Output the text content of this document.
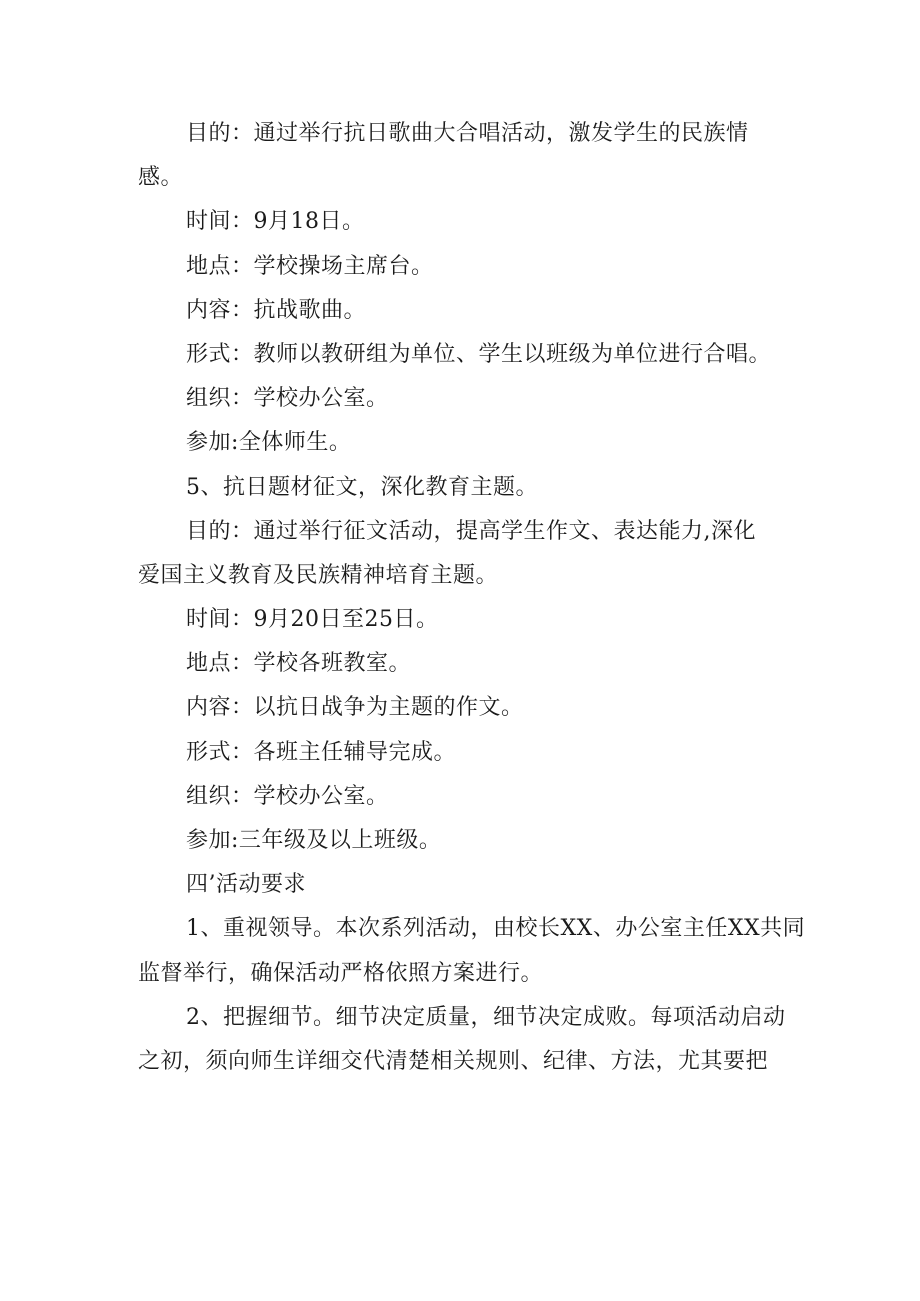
目的：通过举行抗日歌曲大合唱活动，激发学生的民族情
感。
时间：9月18日。
地点：学校操场主席台。
内容：抗战歌曲。
形式：教师以教研组为单位、学生以班级为单位进行合唱。
组织：学校办公室。
参加:全体师生。
5、抗日题材征文，深化教育主题。
目的：通过举行征文活动，提高学生作文、表达能力,深化
爱国主义教育及民族精神培育主题。
时间：9月20日至25日。
地点：学校各班教室。
内容：以抗日战争为主题的作文。
形式：各班主任辅导完成。
组织：学校办公室。
参加:三年级及以上班级。
四’活动要求
1、重视领导。本次系列活动，由校长XX、办公室主任XX共同
监督举行，确保活动严格依照方案进行。
2、把握细节。细节决定质量，细节决定成败。每项活动启动
之初，须向师生详细交代清楚相关规则、纪律、方法，尤其要把
